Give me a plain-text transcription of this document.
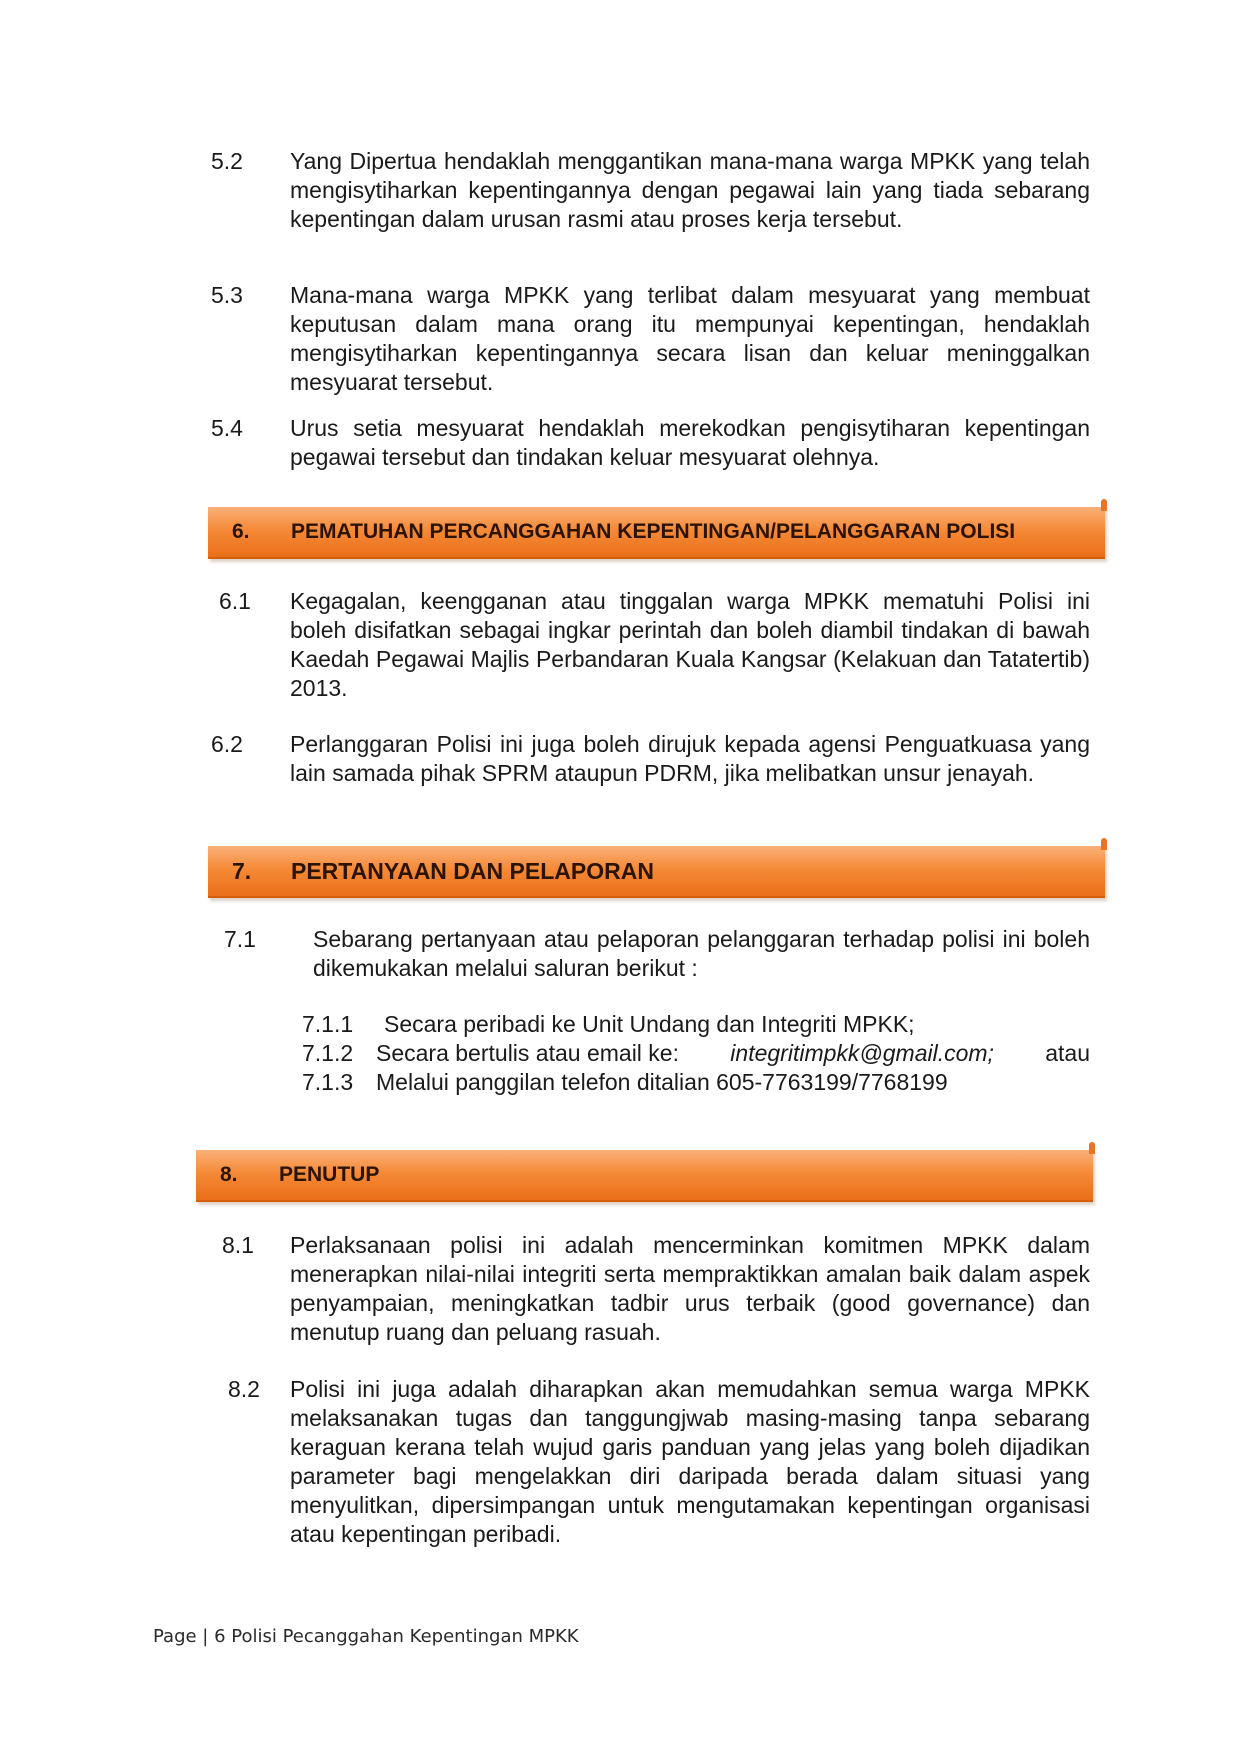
5.2 Yang Dipertua hendaklah menggantikan mana-mana warga MPKK yang telah mengisytiharkan kepentingannya dengan pegawai lain yang tiada sebarang kepentingan dalam urusan rasmi atau proses kerja tersebut.
5.3 Mana-mana warga MPKK yang terlibat dalam mesyuarat yang membuat keputusan dalam mana orang itu mempunyai kepentingan, hendaklah mengisytiharkan kepentingannya secara lisan dan keluar meninggalkan mesyuarat tersebut.
5.4 Urus setia mesyuarat hendaklah merekodkan pengisytiharan kepentingan pegawai tersebut dan tindakan keluar mesyuarat olehnya.
6. PEMATUHAN PERCANGGAHAN KEPENTINGAN/PELANGGARAN POLISI
6.1 Kegagalan, keengganan atau tinggalan warga MPKK mematuhi Polisi ini boleh disifatkan sebagai ingkar perintah dan boleh diambil tindakan di bawah Kaedah Pegawai Majlis Perbandaran Kuala Kangsar (Kelakuan dan Tatatertib) 2013.
6.2 Perlanggaran Polisi ini juga boleh dirujuk kepada agensi Penguatkuasa yang lain samada pihak SPRM ataupun PDRM, jika melibatkan unsur jenayah.
7. PERTANYAAN DAN PELAPORAN
7.1 Sebarang pertanyaan atau pelaporan pelanggaran terhadap polisi ini boleh dikemukakan melalui saluran berikut :
7.1.1 Secara peribadi ke Unit Undang dan Integriti MPKK;
7.1.2 Secara bertulis atau email ke: integritimpkk@gmail.com; atau
7.1.3 Melalui panggilan telefon ditalian 605-7763199/7768199
8. PENUTUP
8.1 Perlaksanaan polisi ini adalah mencerminkan komitmen MPKK dalam menerapkan nilai-nilai integriti serta mempraktikkan amalan baik dalam aspek penyampaian, meningkatkan tadbir urus terbaik (good governance) dan menutup ruang dan peluang rasuah.
8.2 Polisi ini juga adalah diharapkan akan memudahkan semua warga MPKK melaksanakan tugas dan tanggungjwab masing-masing tanpa sebarang keraguan kerana telah wujud garis panduan yang jelas yang boleh dijadikan parameter bagi mengelakkan diri daripada berada dalam situasi yang menyulitkan, dipersimpangan untuk mengutamakan kepentingan organisasi atau kepentingan peribadi.
Page | 6 Polisi Pecanggahan Kepentingan MPKK
